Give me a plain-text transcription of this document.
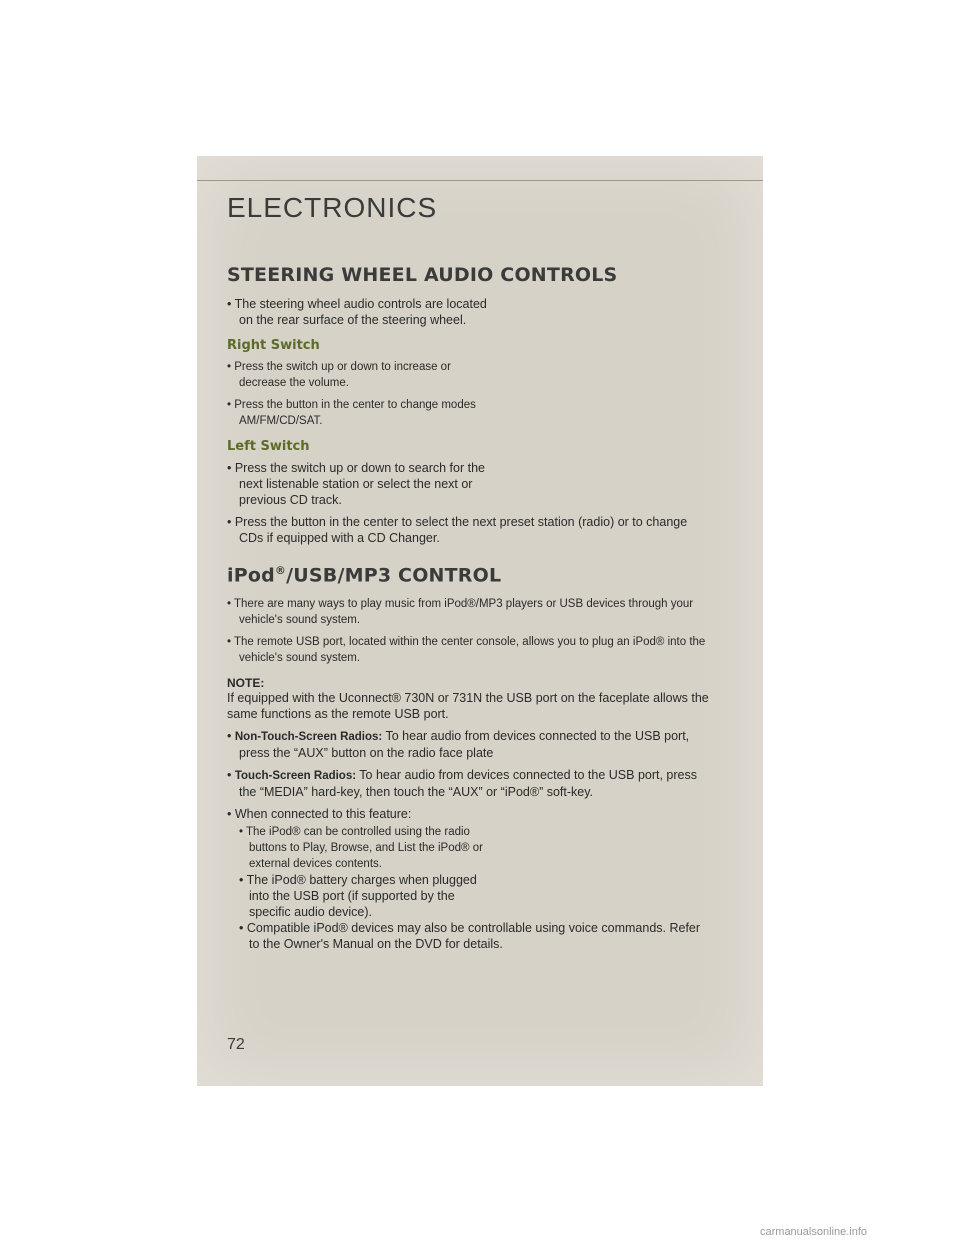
ELECTRONICS
STEERING WHEEL AUDIO CONTROLS

• The steering wheel audio controls are located on the rear surface of the steering wheel.

Right Switch

• Press the switch up or down to increase or decrease the volume.

• Press the button in the center to change modes AM/FM/CD/SAT.

Left Switch

• Press the switch up or down to search for the next listenable station or select the next or previous CD track.

• Press the button in the center to select the next preset station (radio) or to change CDs if equipped with a CD Changer.

iPod®/USB/MP3 CONTROL

• There are many ways to play music from iPod®/MP3 players or USB devices through your vehicle's sound system.

• The remote USB port, located within the center console, allows you to plug an iPod® into the vehicle's sound system.

NOTE:

If equipped with the Uconnect® 730N or 731N the USB port on the faceplate allows the same functions as the remote USB port.

• Non-Touch-Screen Radios: To hear audio from devices connected to the USB port, press the “AUX” button on the radio face plate

• Touch-Screen Radios: To hear audio from devices connected to the USB port, press the “MEDIA” hard-key, then touch the “AUX” or “iPod®” soft-key.

• When connected to this feature:

• The iPod® can be controlled using the radio buttons to Play, Browse, and List the iPod® or external devices contents.

• The iPod® battery charges when plugged into the USB port (if supported by the specific audio device).

• Compatible iPod® devices may also be controllable using voice commands. Refer to the Owner's Manual on the DVD for details.

72
carmanualsonline.info
